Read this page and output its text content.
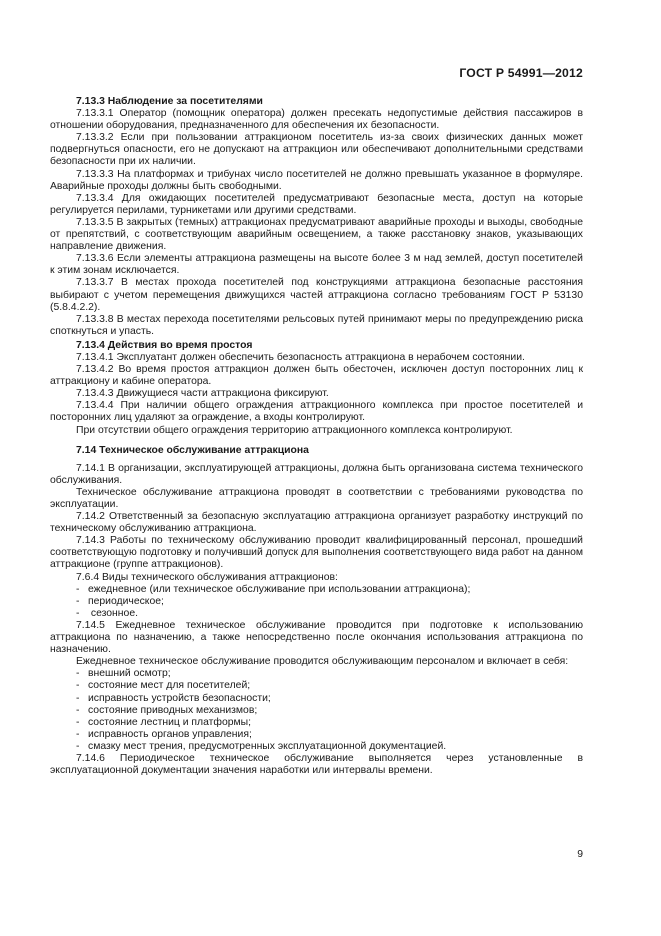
ГОСТ Р 54991—2012

7.13.3 Наблюдение за посетителями

7.13.3.1 Оператор (помощник оператора) должен пресекать недопустимые действия пассажиров в отношении оборудования, предназначенного для обеспечения их безопасности.

7.13.3.2 Если при пользовании аттракционом посетитель из-за своих физических данных может подвергнуться опасности, его не допускают на аттракцион или обеспечивают дополнительными средствами безопасности при их наличии.

7.13.3.3 На платформах и трибунах число посетителей не должно превышать указанное в формуляре. Аварийные проходы должны быть свободными.

7.13.3.4 Для ожидающих посетителей предусматривают безопасные места, доступ на которые регулируется перилами, турникетами или другими средствами.

7.13.3.5 В закрытых (темных) аттракционах предусматривают аварийные проходы и выходы, свободные от препятствий, с соответствующим аварийным освещением, а также расстановку знаков, указывающих направление движения.

7.13.3.6 Если элементы аттракциона размещены на высоте более 3 м над землей, доступ посетителей к этим зонам исключается.

7.13.3.7 В местах прохода посетителей под конструкциями аттракциона безопасные расстояния выбирают с учетом перемещения движущихся частей аттракциона согласно требованиям ГОСТ Р 53130 (5.8.4.2.2).

7.13.3.8 В местах перехода посетителями рельсовых путей принимают меры по предупреждению риска споткнуться и упасть.

7.13.4 Действия во время простоя

7.13.4.1 Эксплуатант должен обеспечить безопасность аттракциона в нерабочем состоянии.

7.13.4.2 Во время простоя аттракцион должен быть обесточен, исключен доступ посторонних лиц к аттракциону и кабине оператора.

7.13.4.3 Движущиеся части аттракциона фиксируют.

7.13.4.4 При наличии общего ограждения аттракционного комплекса при простое посетителей и посторонних лиц удаляют за ограждение, а входы контролируют.

При отсутствии общего ограждения территорию аттракционного комплекса контролируют.

7.14 Техническое обслуживание аттракциона

7.14.1 В организации, эксплуатирующей аттракционы, должна быть организована система технического обслуживания.

Техническое обслуживание аттракциона проводят в соответствии с требованиями руководства по эксплуатации.

7.14.2 Ответственный за безопасную эксплуатацию аттракциона организует разработку инструкций по техническому обслуживанию аттракциона.

7.14.3 Работы по техническому обслуживанию проводит квалифицированный персонал, прошедший соответствующую подготовку и получивший допуск для выполнения соответствующего вида работ на данном аттракционе (группе аттракционов).

7.6.4 Виды технического обслуживания аттракционов:

- ежедневное (или техническое обслуживание при использовании аттракциона);

- периодическое;

- сезонное.

7.14.5 Ежедневное техническое обслуживание проводится при подготовке к использованию аттракциона по назначению, а также непосредственно после окончания использования аттракциона по назначению.

Ежедневное техническое обслуживание проводится обслуживающим персоналом и включает в себя:

- внешний осмотр;

- состояние мест для посетителей;

- исправность устройств безопасности;

- состояние приводных механизмов;

- состояние лестниц и платформы;

- исправность органов управления;

- смазку мест трения, предусмотренных эксплуатационной документацией.

7.14.6 Периодическое техническое обслуживание выполняется через установленные в эксплуатационной документации значения наработки или интервалы времени.

9
